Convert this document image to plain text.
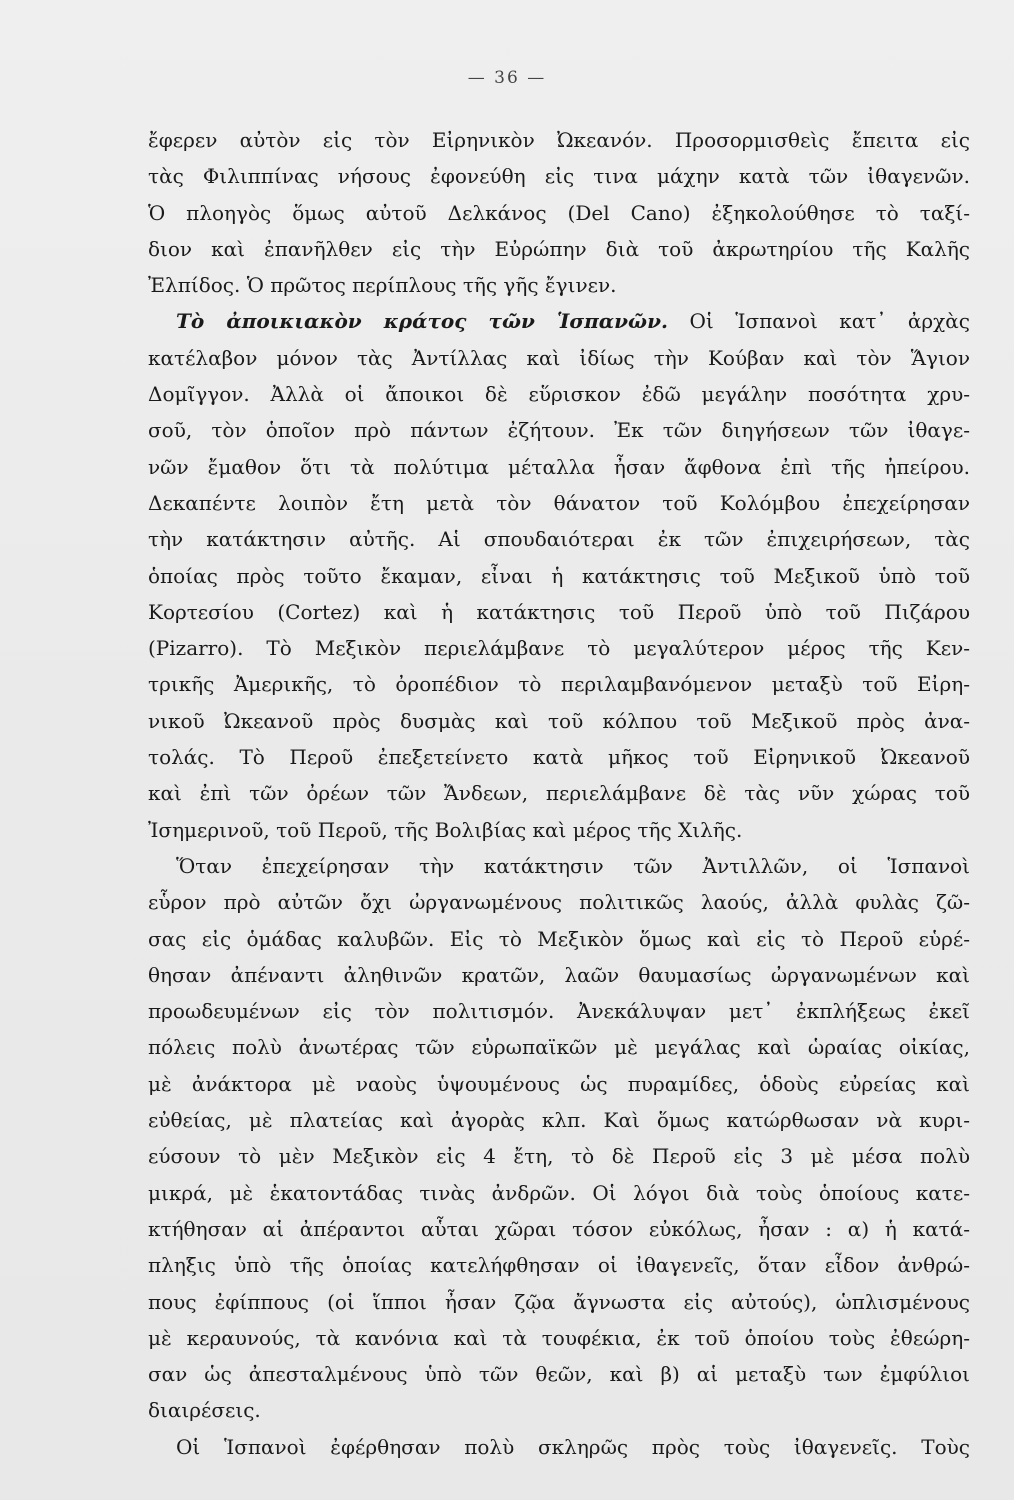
— 36 —
ἔφερεν αὐτὸν εἰς τὸν Εἰρηνικὸν Ὠκεανόν. Προσορμισθεὶς ἔπειτα εἰς
τὰς Φιλιππίνας νήσους ἐφονεύθη εἰς τινα μάχην κατὰ τῶν ἰθαγενῶν.
Ὁ πλοηγὸς ὅμως αὐτοῦ Δελκάνος (Del Cano) ἐξηκολούθησε τὸ ταξί-
διον καὶ ἐπανῆλθεν εἰς τὴν Εὐρώπην διὰ τοῦ ἀκρωτηρίου τῆς Καλῆς
Ἐλπίδος. Ὁ πρῶτος περίπλους τῆς γῆς ἔγινεν.
Τὸ ἀποικιακὸν κράτος τῶν Ἱσπανῶν. Οἱ Ἱσπανοὶ κατ᾽ ἀρχὰς
κατέλαβον μόνον τὰς Ἀντίλλας καὶ ἰδίως τὴν Κούβαν καὶ τὸν Ἅγιον
Δομῖγγον. Ἀλλὰ οἱ ἄποικοι δὲ εὕρισκον ἐδῶ μεγάλην ποσότητα χρυ-
σοῦ, τὸν ὁποῖον πρὸ πάντων ἐζήτουν. Ἐκ τῶν διηγήσεων τῶν ἰθαγε-
νῶν ἔμαθον ὅτι τὰ πολύτιμα μέταλλα ἦσαν ἄφθονα ἐπὶ τῆς ἠπείρου.
Δεκαπέντε λοιπὸν ἔτη μετὰ τὸν θάνατον τοῦ Κολόμβου ἐπεχείρησαν
τὴν κατάκτησιν αὐτῆς. Αἱ σπουδαιότεραι ἐκ τῶν ἐπιχειρήσεων, τὰς
ὁποίας πρὸς τοῦτο ἔκαμαν, εἶναι ἡ κατάκτησις τοῦ Μεξικοῦ ὑπὸ τοῦ
Κορτεσίου (Cortez) καὶ ἡ κατάκτησις τοῦ Περοῦ ὑπὸ τοῦ Πιζάρου
(Pizarro). Τὸ Μεξικὸν περιελάμβανε τὸ μεγαλύτερον μέρος τῆς Κεν-
τρικῆς Ἀμερικῆς, τὸ ὀροπέδιον τὸ περιλαμβανόμενον μεταξὺ τοῦ Εἰρη-
νικοῦ Ὠκεανοῦ πρὸς δυσμὰς καὶ τοῦ κόλπου τοῦ Μεξικοῦ πρὸς ἀνα-
τολάς. Τὸ Περοῦ ἐπεξετείνετο κατὰ μῆκος τοῦ Εἰρηνικοῦ Ὠκεανοῦ
καὶ ἐπὶ τῶν ὀρέων τῶν Ἄνδεων, περιελάμβανε δὲ τὰς νῦν χώρας τοῦ
Ἰσημερινοῦ, τοῦ Περοῦ, τῆς Βολιβίας καὶ μέρος τῆς Χιλῆς.
Ὅταν ἐπεχείρησαν τὴν κατάκτησιν τῶν Ἀντιλλῶν, οἱ Ἱσπανοὶ
εὗρον πρὸ αὐτῶν ὄχι ὠργανωμένους πολιτικῶς λαούς, ἀλλὰ φυλὰς ζῶ-
σας εἰς ὁμάδας καλυβῶν. Εἰς τὸ Μεξικὸν ὅμως καὶ εἰς τὸ Περοῦ εὑρέ-
θησαν ἀπέναντι ἀληθινῶν κρατῶν, λαῶν θαυμασίως ὠργανωμένων καὶ
προωδευμένων εἰς τὸν πολιτισμόν. Ἀνεκάλυψαν μετ᾽ ἐκπλήξεως ἐκεῖ
πόλεις πολὺ ἀνωτέρας τῶν εὐρωπαϊκῶν μὲ μεγάλας καὶ ὡραίας οἰκίας,
μὲ ἀνάκτορα μὲ ναοὺς ὑψουμένους ὡς πυραμίδες, ὁδοὺς εὐρείας καὶ
εὐθείας, μὲ πλατείας καὶ ἀγορὰς κλπ. Καὶ ὅμως κατώρθωσαν νὰ κυρι-
εύσουν τὸ μὲν Μεξικὸν εἰς 4 ἔτη, τὸ δὲ Περοῦ εἰς 3 μὲ μέσα πολὺ
μικρά, μὲ ἑκατοντάδας τινὰς ἀνδρῶν. Οἱ λόγοι διὰ τοὺς ὁποίους κατε-
κτήθησαν αἱ ἀπέραντοι αὗται χῶραι τόσον εὐκόλως, ἦσαν : α) ἡ κατά-
πληξις ὑπὸ τῆς ὁποίας κατελήφθησαν οἱ ἰθαγενεῖς, ὅταν εἶδον ἀνθρώ-
πους ἐφίππους (οἱ ἵπποι ἦσαν ζῷα ἄγνωστα εἰς αὐτούς), ὡπλισμένους
μὲ κεραυνούς, τὰ κανόνια καὶ τὰ τουφέκια, ἐκ τοῦ ὁποίου τοὺς ἐθεώρη-
σαν ὡς ἀπεσταλμένους ὑπὸ τῶν θεῶν, καὶ β) αἱ μεταξὺ των ἐμφύλιοι
διαιρέσεις.
Οἱ Ἱσπανοὶ ἐφέρθησαν πολὺ σκληρῶς πρὸς τοὺς ἰθαγενεῖς. Τοὺς
